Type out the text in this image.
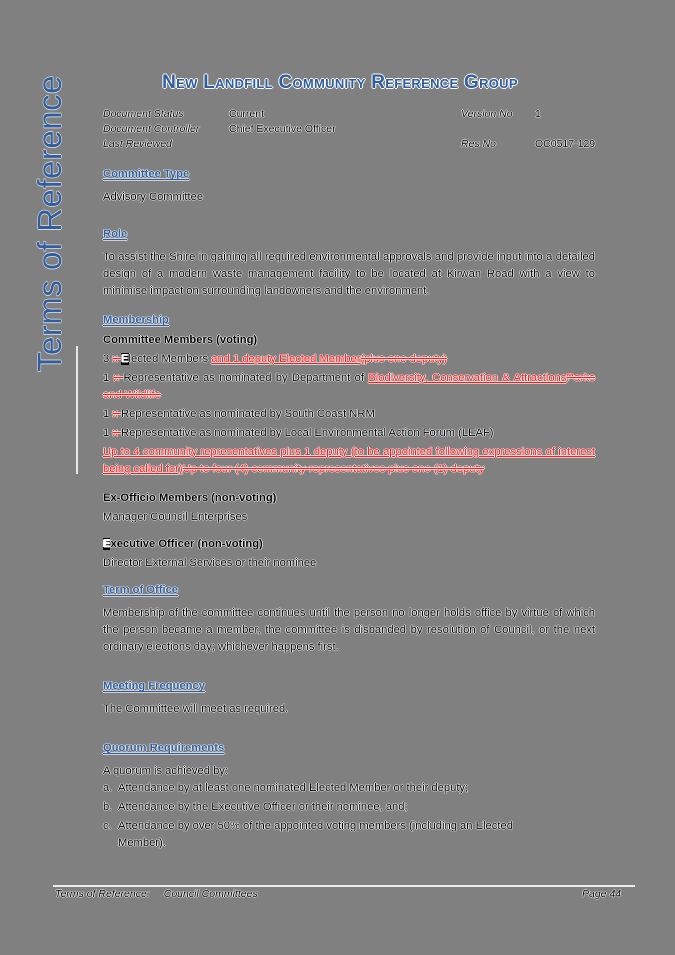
Terms of Reference	New Landfill Community Reference Group
Document Status	Current	Version No 1
Document Controller	Chief Executive Officer
Last Reviewed	Res No	OC0517-129
Committee Type

Advisory Committee

Role

To assist the Shire in gaining all required environmental approvals and provide input into a detailed design of a modern waste management facility to be located at Kirwan Road with a view to minimise impact on surrounding landowners and the environment.

Membership

Committee Members (voting)

3 x Elected Members and 1 deputy Elected Member(plus one deputy)

1 x Representative as nominated by Department of Biodiversity, Conservation & AttractionsParks and Wildlife

1 x Representative as nominated by South Coast NRM

1 x Representative as nominated by Local Environmental Action Forum (LEAF)

Up to 4 community representatives plus 1 deputy (to be appointed following expressions of interest being called for)Up to four (4) community representatives plus one (1) deputy

Ex-Officio Members (non-voting)

Manager Council Enterprises

Executive Officer (non-voting)

Director External Services or their nominee

Term of Office

Membership of the committee continues until the person no longer holds office by virtue of which the person became a member, the committee is disbanded by resolution of Council, or the next ordinary elections day; whichever happens first.

Meeting Frequency

The Committee will meet as required.

Quorum Requirements

A quorum is achieved by:

a. Attendance by at least one nominated Elected Member or their deputy;
b. Attendance by the Executive Officer or their nominee, and;
c. Attendance by over 50% of the appointed voting members (including an Elected Member).
Terms of Reference: Council Committees	Page 44
